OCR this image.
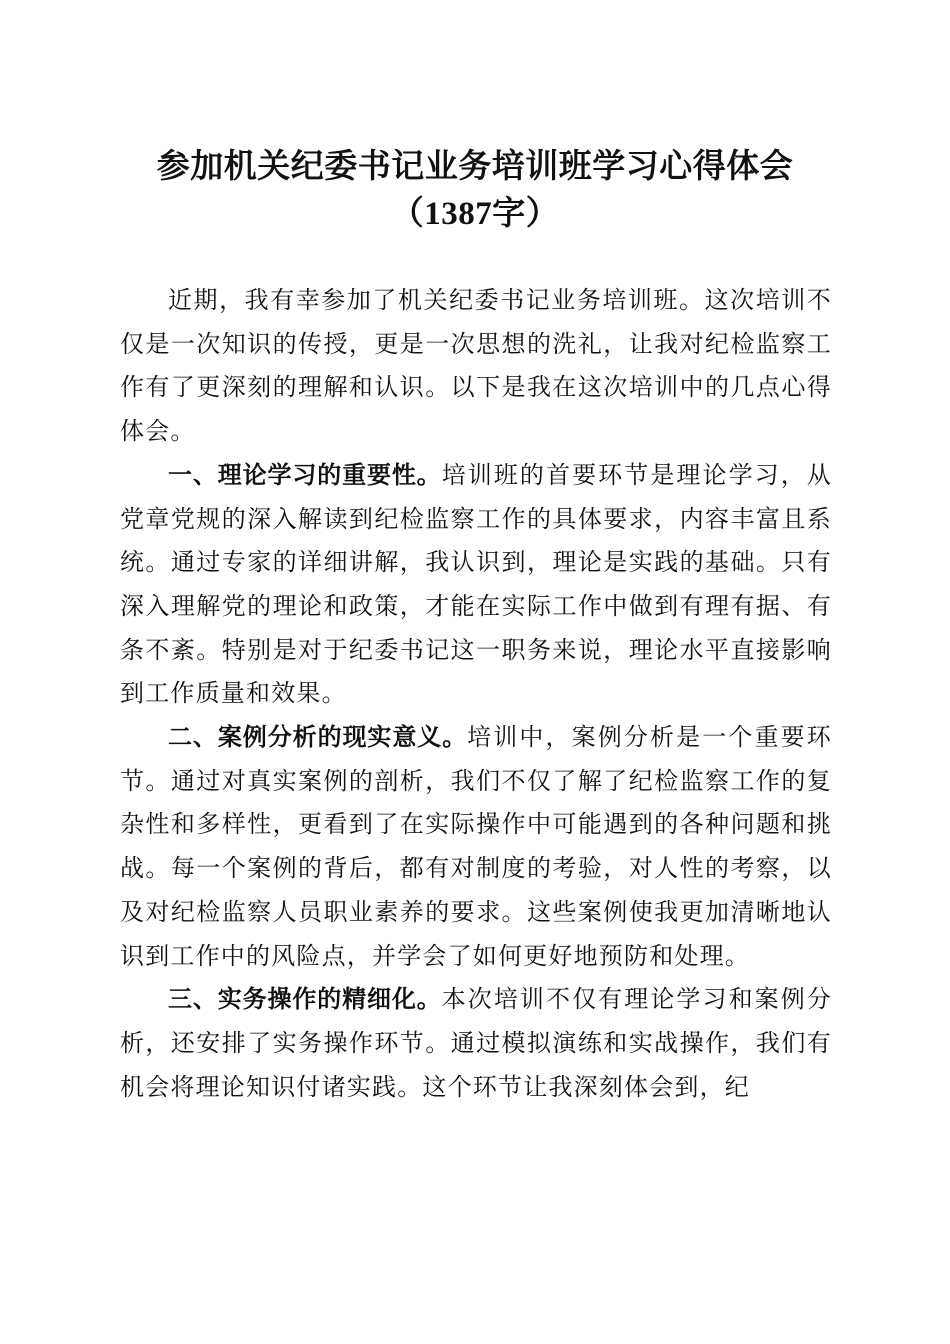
参加机关纪委书记业务培训班学习心得体会
（1387字）

近期，我有幸参加了机关纪委书记业务培训班。这次培训不仅是一次知识的传授，更是一次思想的洗礼，让我对纪检监察工作有了更深刻的理解和认识。以下是我在这次培训中的几点心得体会。

一、理论学习的重要性。培训班的首要环节是理论学习，从党章党规的深入解读到纪检监察工作的具体要求，内容丰富且系统。通过专家的详细讲解，我认识到，理论是实践的基础。只有深入理解党的理论和政策，才能在实际工作中做到有理有据、有条不紊。特别是对于纪委书记这一职务来说，理论水平直接影响到工作质量和效果。

二、案例分析的现实意义。培训中，案例分析是一个重要环节。通过对真实案例的剖析，我们不仅了解了纪检监察工作的复杂性和多样性，更看到了在实际操作中可能遇到的各种问题和挑战。每一个案例的背后，都有对制度的考验，对人性的考察，以及对纪检监察人员职业素养的要求。这些案例使我更加清晰地认识到工作中的风险点，并学会了如何更好地预防和处理。

三、实务操作的精细化。本次培训不仅有理论学习和案例分析，还安排了实务操作环节。通过模拟演练和实战操作，我们有机会将理论知识付诸实践。这个环节让我深刻体会到，纪
